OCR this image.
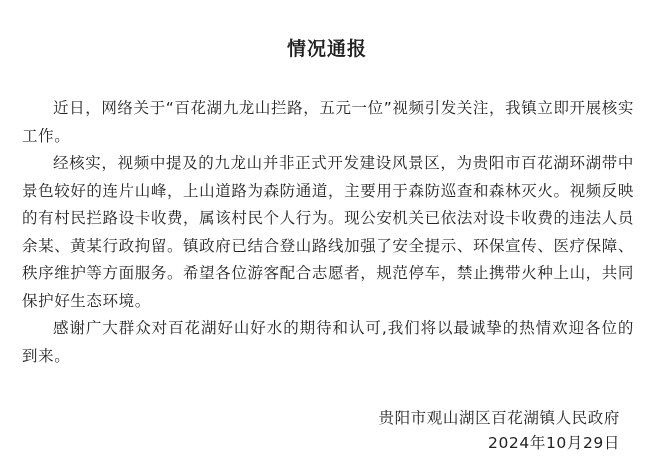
情况通报

近日，网络关于“百花湖九龙山拦路，五元一位”视频引发关注，我镇立即开展核实工作。

经核实，视频中提及的九龙山并非正式开发建设风景区，为贵阳市百花湖环湖带中景色较好的连片山峰，上山道路为森防通道，主要用于森防巡查和森林灭火。视频反映的有村民拦路设卡收费，属该村民个人行为。现公安机关已依法对设卡收费的违法人员余某、黄某行政拘留。镇政府已结合登山路线加强了安全提示、环保宣传、医疗保障、秩序维护等方面服务。希望各位游客配合志愿者，规范停车，禁止携带火种上山，共同保护好生态环境。

感谢广大群众对百花湖好山好水的期待和认可,我们将以最诚挚的热情欢迎各位的到来。

贵阳市观山湖区百花湖镇人民政府
2024年10月29日
